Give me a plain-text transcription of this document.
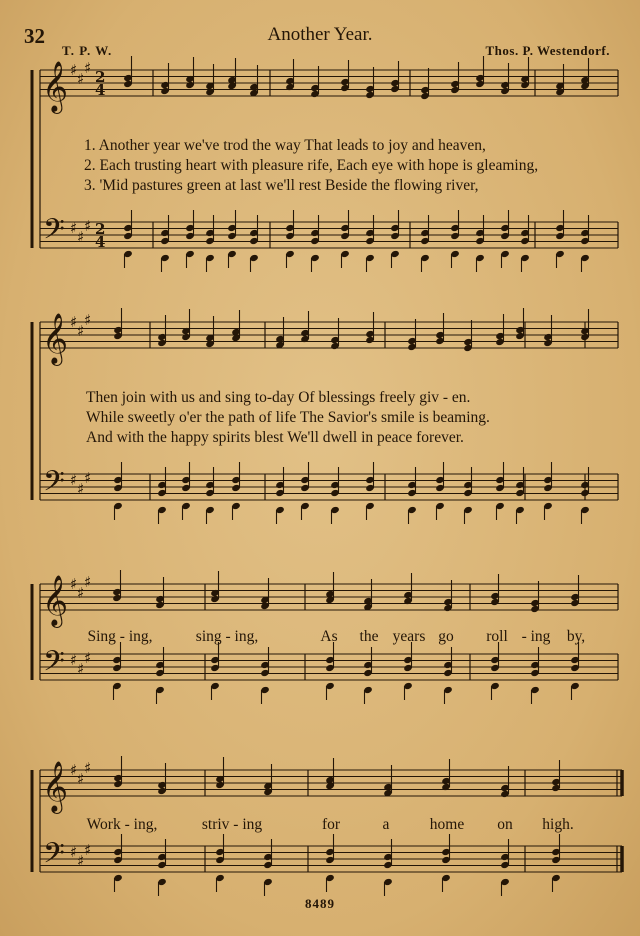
𝄞
𝄢
♯ ♯
♯
♯ ♯
♯
2
4
2
4
𝄞
𝄢
♯ ♯
♯
♯ ♯
♯
𝄞
𝄢
♯ ♯
♯
♯ ♯
♯
𝄞
𝄢
♯ ♯
♯
♯ ♯
♯
32	Another Year.
T. P. W.	Thos. P. Westendorf.
1. Another year we've trod the way That leads to joy and heaven,
2. Each trusting heart with pleasure rife, Each eye with hope is gleaming,
3. 'Mid pastures green at last we'll rest Beside the flowing river,
Then join with us and sing to-day Of blessings freely giv - en.
While sweetly o'er the path of life The Savior's smile is beaming.
And with the happy spirits blest We'll dwell in peace forever.
Sing - ing,	sing - ing,	As the years go roll - ing by,
Work - ing,	striv - ing	for	a	home on high.
8489
